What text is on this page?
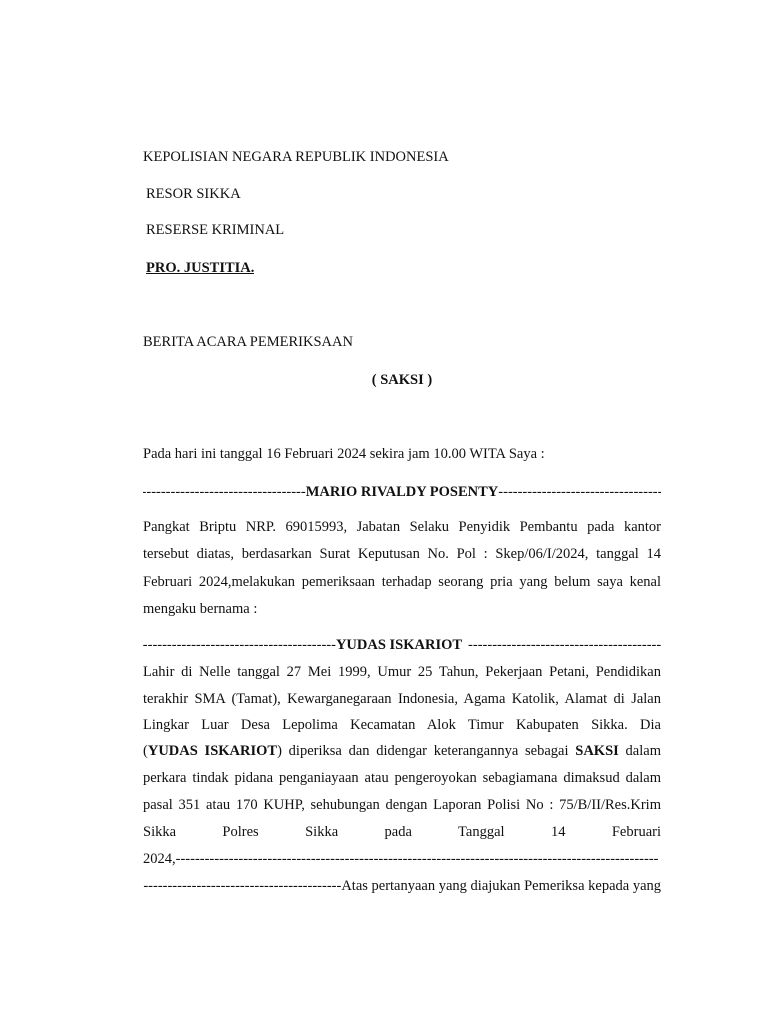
KEPOLISIAN NEGARA REPUBLIK INDONESIA
RESOR SIKKA
RESERSE KRIMINAL
PRO. JUSTITIA.
BERITA ACARA PEMERIKSAAN
( SAKSI )
Pada hari ini tanggal 16 Februari 2024 sekira jam 10.00 WITA Saya :
-----
MARIO RIVALDY POSENTY
-----
Pangkat Briptu NRP. 69015993, Jabatan Selaku Penyidik Pembantu pada kantor
tersebut diatas, berdasarkan Surat Keputusan No. Pol : Skep/06/I/2024, tanggal 14
Februari 2024,melakukan pemeriksaan terhadap seorang pria yang belum saya kenal
mengaku bernama :
-----
YUDAS ISKARIOT
-----
Lahir di Nelle tanggal 27 Mei 1999, Umur 25 Tahun, Pekerjaan Petani, Pendidikan
terakhir SMA (Tamat), Kewarganegaraan Indonesia, Agama Katolik, Alamat di Jalan
Lingkar Luar Desa Lepolima Kecamatan Alok Timur Kabupaten Sikka. Dia
(YUDAS ISKARIOT) diperiksa dan didengar keterangannya sebagai SAKSI dalam
perkara tindak pidana penganiayaan atau pengeroyokan sebagiamana dimaksud dalam
pasal 351 atau 170 KUHP, sehubungan dengan Laporan Polisi No : 75/B/II/Res.Krim
Sikka Polres Sikka pada Tanggal 14 Februari
2024,
-----
-----
Atas pertanyaan yang diajukan Pemeriksa kepada yang
